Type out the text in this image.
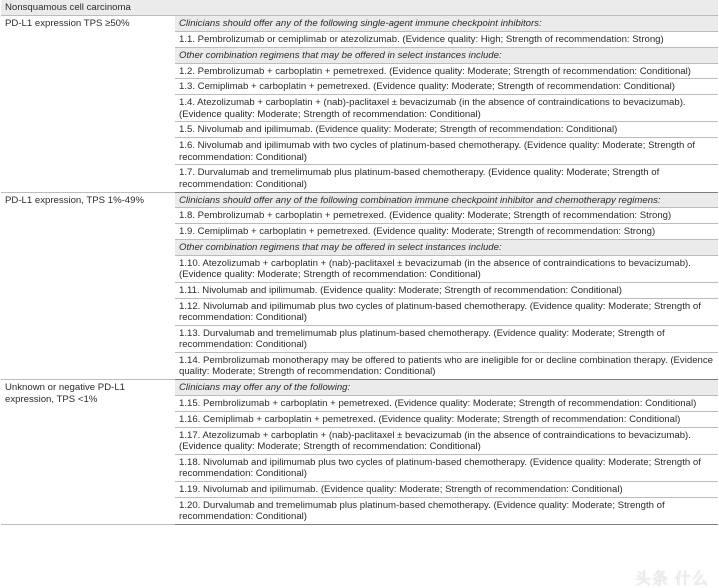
Nonsquamous cell carcinoma	
PD-L1 expression TPS ≥50%	Clinicians should offer any of the following single-agent immune checkpoint inhibitors:
	1.1. Pembrolizumab or cemiplimab or atezolizumab. (Evidence quality: High; Strength of recommendation: Strong)
	Other combination regimens that may be offered in select instances include:
	1.2. Pembrolizumab + carboplatin + pemetrexed. (Evidence quality: Moderate; Strength of recommendation: Conditional)
	1.3. Cemiplimab + carboplatin + pemetrexed. (Evidence quality: Moderate; Strength of recommendation: Conditional)
	1.4. Atezolizumab + carboplatin + (nab)-paclitaxel ± bevacizumab (in the absence of contraindications to bevacizumab). (Evidence quality: Moderate; Strength of recommendation: Conditional)
	1.5. Nivolumab and ipilimumab. (Evidence quality: Moderate; Strength of recommendation: Conditional)
	1.6. Nivolumab and ipilimumab with two cycles of platinum-based chemotherapy. (Evidence quality: Moderate; Strength of recommendation: Conditional)
	1.7. Durvalumab and tremelimumab plus platinum-based chemotherapy. (Evidence quality: Moderate; Strength of recommendation: Conditional)
PD-L1 expression, TPS 1%-49%	Clinicians should offer any of the following combination immune checkpoint inhibitor and chemotherapy regimens:
	1.8. Pembrolizumab + carboplatin + pemetrexed. (Evidence quality: Moderate; Strength of recommendation: Strong)
	1.9. Cemiplimab + carboplatin + pemetrexed. (Evidence quality: Moderate; Strength of recommendation: Strong)
	Other combination regimens that may be offered in select instances include:
	1.10. Atezolizumab + carboplatin + (nab)-paclitaxel ± bevacizumab (in the absence of contraindications to bevacizumab). (Evidence quality: Moderate; Strength of recommendation: Conditional)
	1.11. Nivolumab and ipilimumab. (Evidence quality: Moderate; Strength of recommendation: Conditional)
	1.12. Nivolumab and ipilimumab plus two cycles of platinum-based chemotherapy. (Evidence quality: Moderate; Strength of recommendation: Conditional)
	1.13. Durvalumab and tremelimumab plus platinum-based chemotherapy. (Evidence quality: Moderate; Strength of recommendation: Conditional)
	1.14. Pembrolizumab monotherapy may be offered to patients who are ineligible for or decline combination therapy. (Evidence quality: Moderate; Strength of recommendation: Conditional)
Unknown or negative PD-L1 expression, TPS <1%	Clinicians may offer any of the following:
	1.15. Pembrolizumab + carboplatin + pemetrexed. (Evidence quality: Moderate; Strength of recommendation: Conditional)
	1.16. Cemiplimab + carboplatin + pemetrexed. (Evidence quality: Moderate; Strength of recommendation: Conditional)
	1.17. Atezolizumab + carboplatin + (nab)-paclitaxel ± bevacizumab (in the absence of contraindications to bevacizumab). (Evidence quality: Moderate; Strength of recommendation: Conditional)
	1.18. Nivolumab and ipilimumab plus two cycles of platinum-based chemotherapy. (Evidence quality: Moderate; Strength of recommendation: Conditional)
	1.19. Nivolumab and ipilimumab. (Evidence quality: Moderate; Strength of recommendation: Conditional)
	1.20. Durvalumab and tremelimumab plus platinum-based chemotherapy. (Evidence quality: Moderate; Strength of recommendation: Conditional)
头条 什么
